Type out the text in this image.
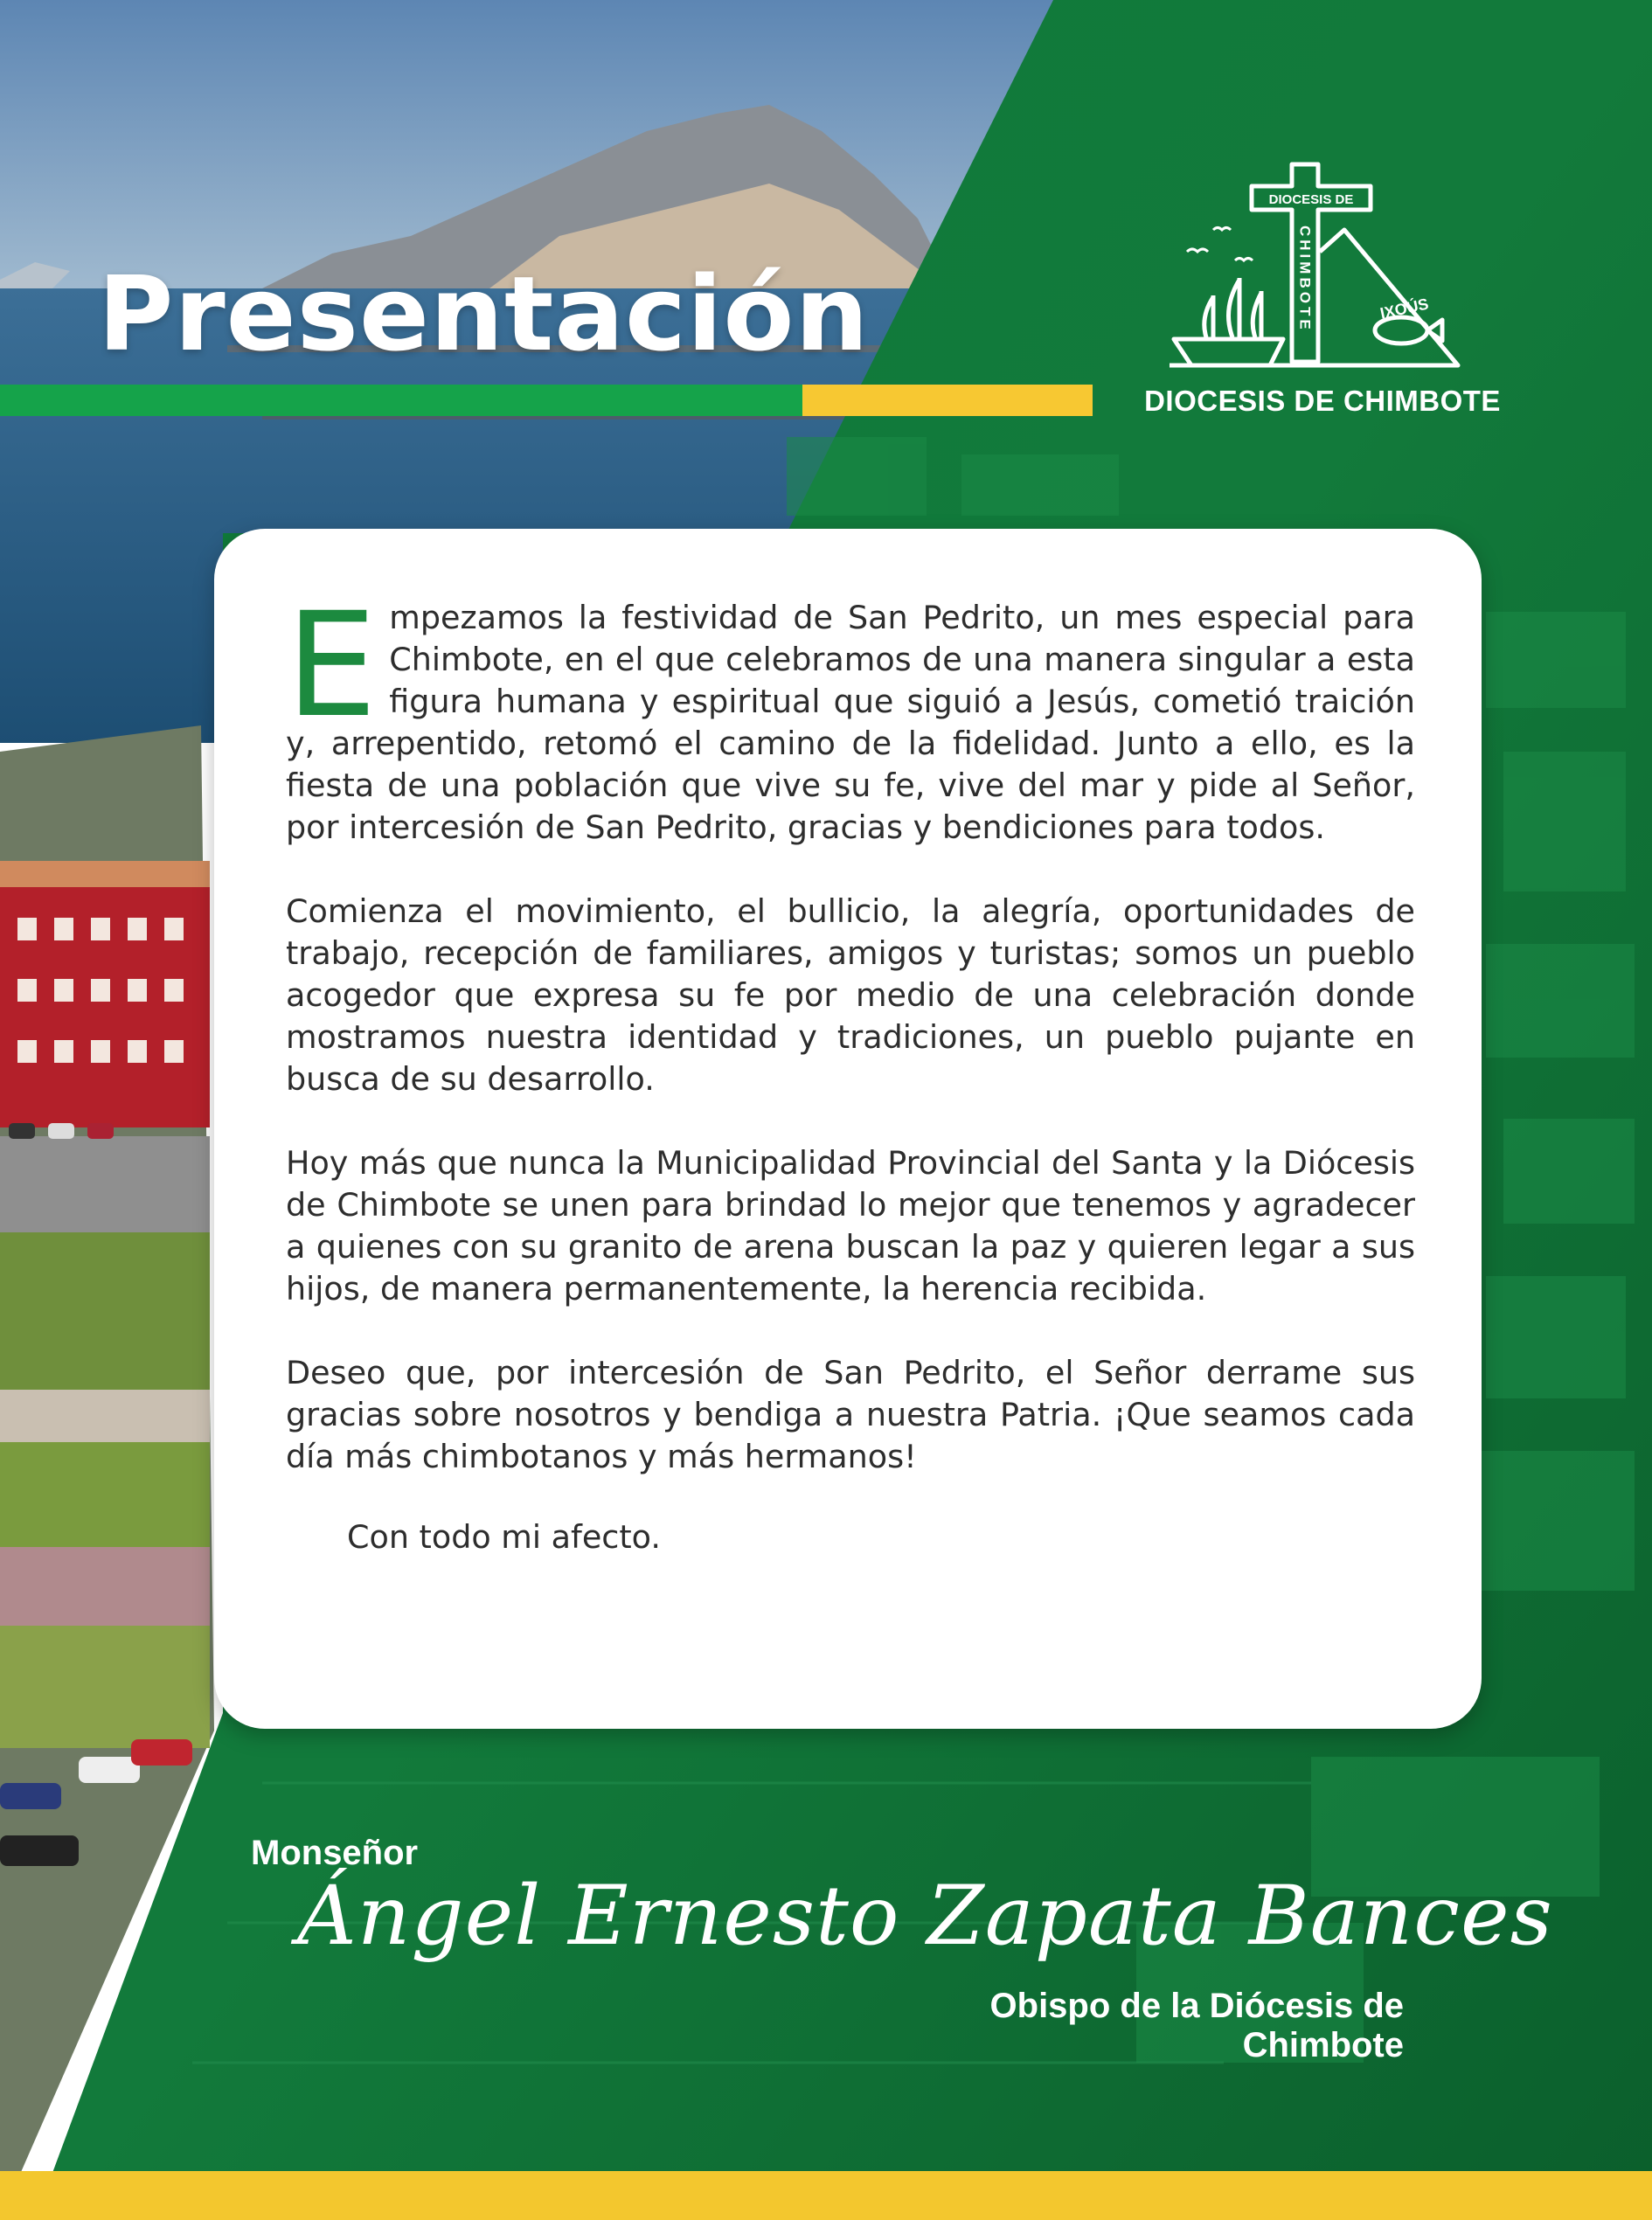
Presentación
DIOCESIS DE
CHIMBOTE	IXOÚS
DIOCESIS DE CHIMBOTE

E mpezamos la festividad de San Pedrito, un mes especial para Chimbote, en el que celebramos de una manera singular a esta figura humana y espiritual que siguió a Jesús, cometió traición y, arrepentido, retomó el camino de la fidelidad. Junto a ello, es la fiesta de una población que vive su fe, vive del mar y pide al Señor, por intercesión de San Pedrito, gracias y bendiciones para todos.

Comienza el movimiento, el bullicio, la alegría, oportunidades de trabajo, recepción de familiares, amigos y turistas; somos un pueblo acogedor que expresa su fe por medio de una celebración donde mostramos nuestra identidad y tradiciones, un pueblo pujante en busca de su desarrollo.

Hoy más que nunca la Municipalidad Provincial del Santa y la Diócesis de Chimbote se unen para brindad lo mejor que tenemos y agradecer a quienes con su granito de arena buscan la paz y quieren legar a sus hijos, de manera permanentemente, la herencia recibida.

Deseo que, por intercesión de San Pedrito, el Señor derrame sus gracias sobre nosotros y bendiga a nuestra Patria. ¡Que seamos cada día más chimbotanos y más hermanos!

Con todo mi afecto.

Monseñor
Ángel Ernesto Zapata Bances
Obispo de la Diócesis de Chimbote
